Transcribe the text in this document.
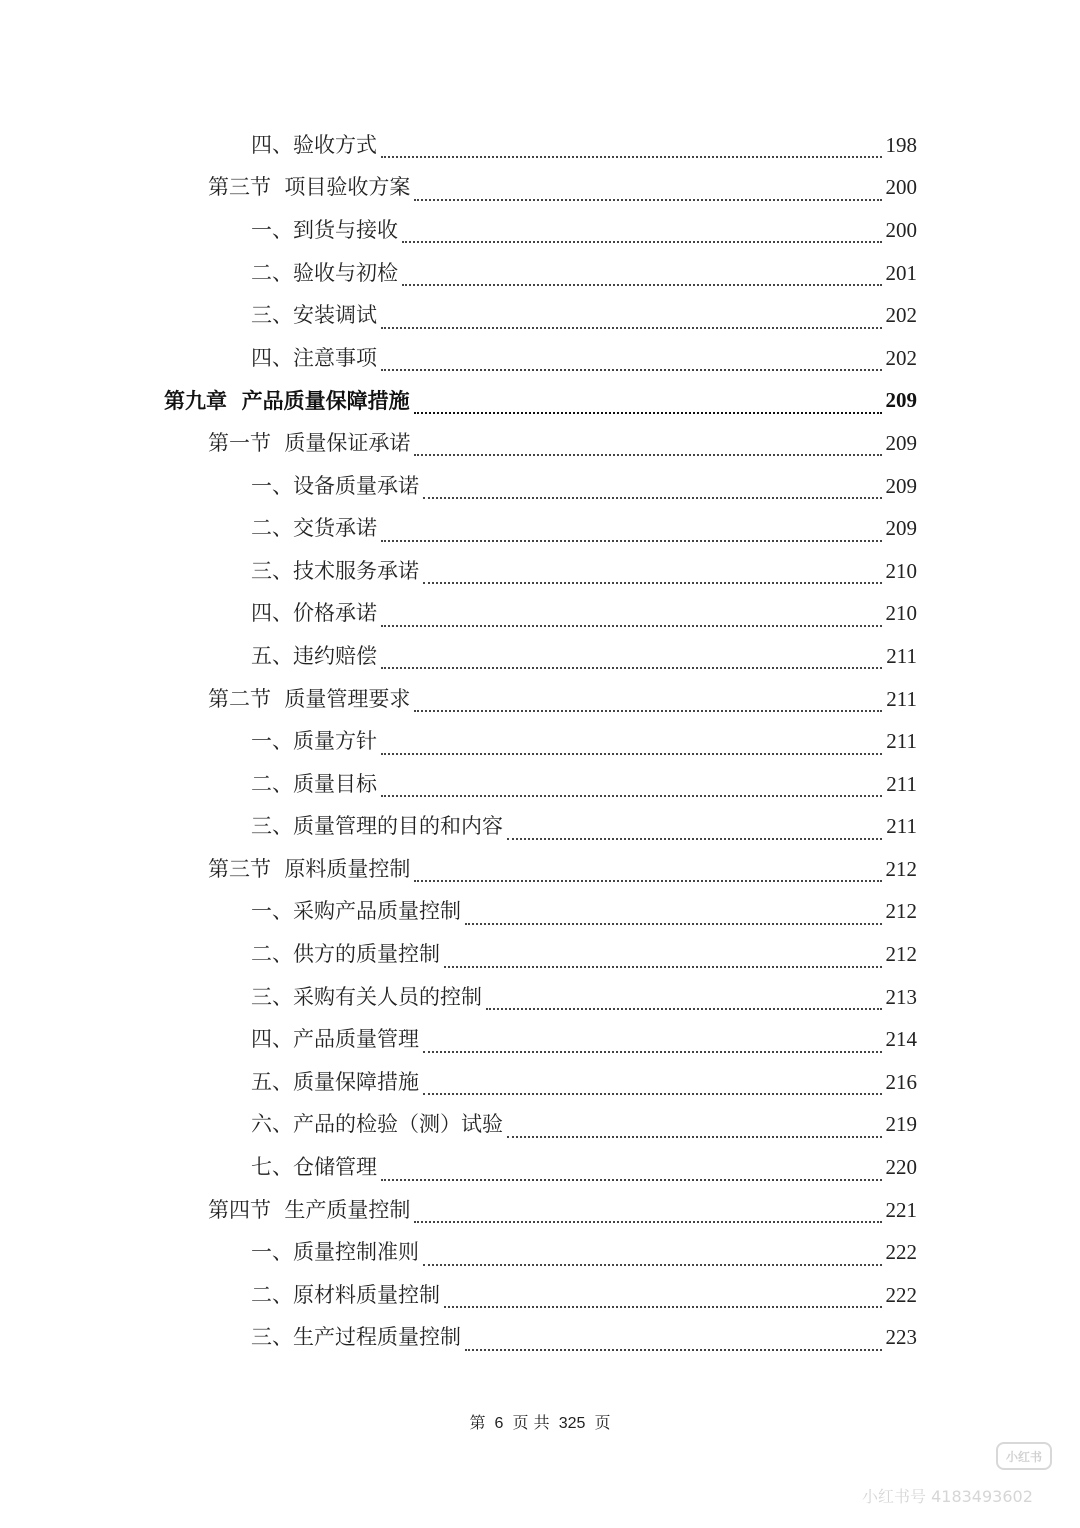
四、验收方式	198
第三节  项目验收方案	200
一、到货与接收	200
二、验收与初检	201
三、安装调试	202
四、注意事项	202
第九章  产品质量保障措施	209
第一节  质量保证承诺	209
一、设备质量承诺	209
二、交货承诺	209
三、技术服务承诺	210
四、价格承诺	210
五、违约赔偿	211
第二节  质量管理要求	211
一、质量方针	211
二、质量目标	211
三、质量管理的目的和内容	211
第三节  原料质量控制	212
一、采购产品质量控制	212
二、供方的质量控制	212
三、采购有关人员的控制	213
四、产品质量管理	214
五、质量保障措施	216
六、产品的检验（测）试验	219
七、仓储管理	220
第四节  生产质量控制	221
一、质量控制准则	222
二、原材料质量控制	222
三、生产过程质量控制	223
第 6 页 共 325 页
小红书
小红书号 4183493602
